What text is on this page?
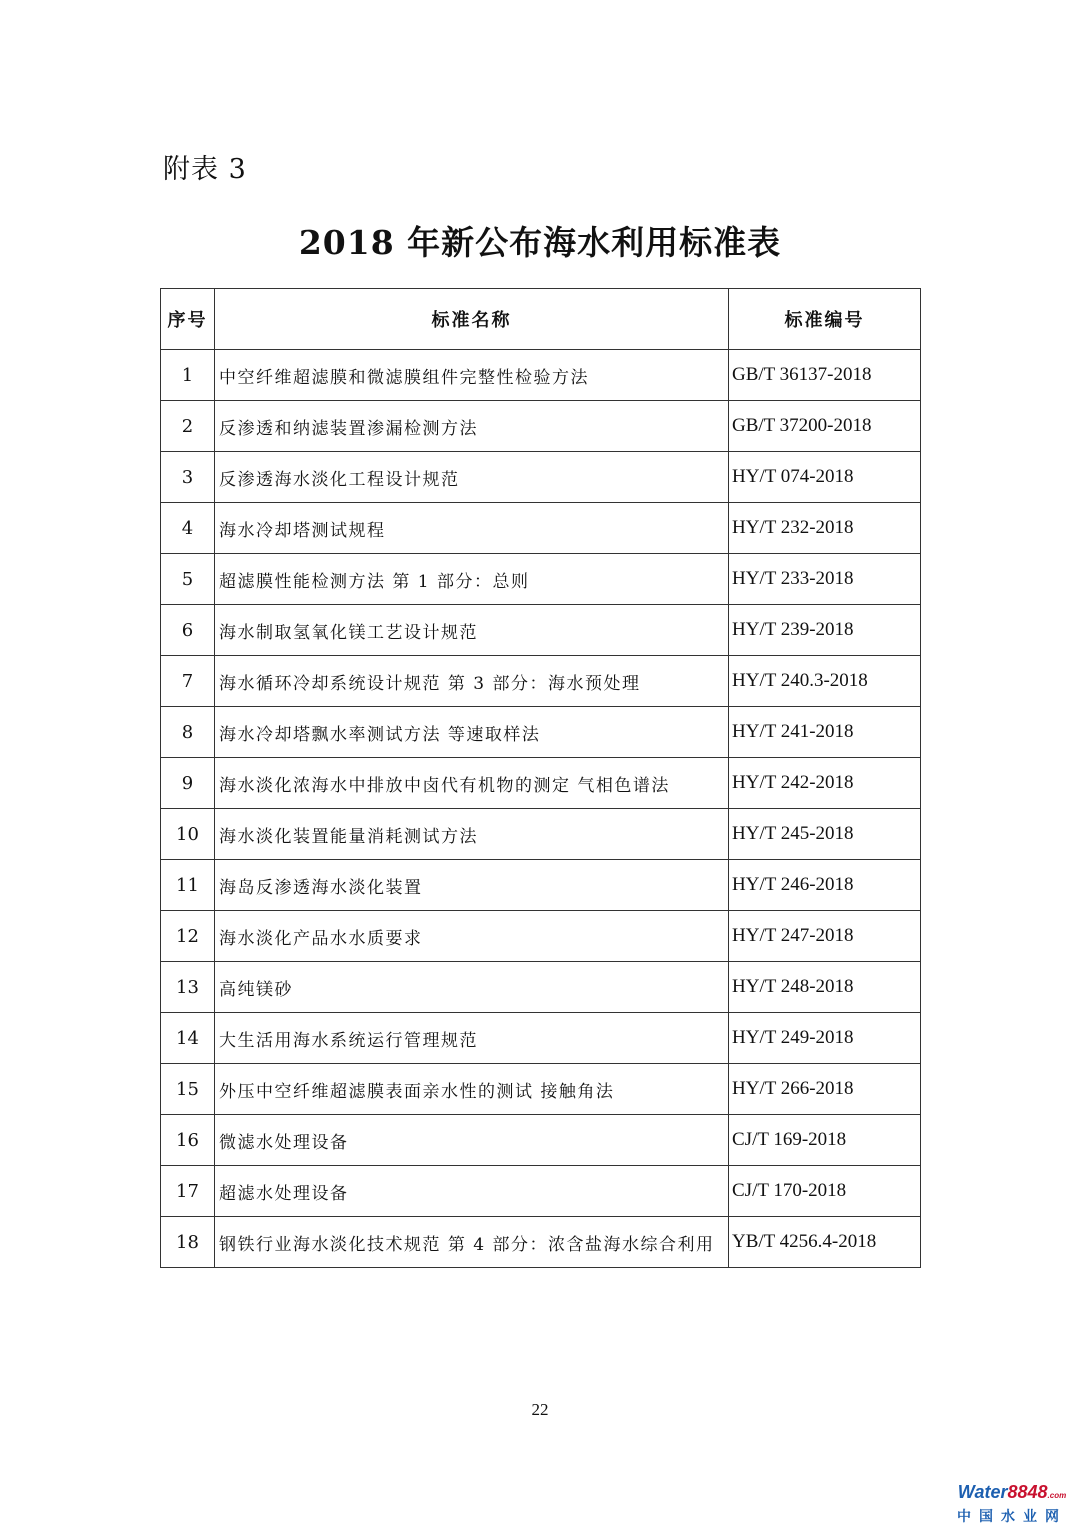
附表 3
2018 年新公布海水利用标准表
序号	标准名称	标准编号
1	中空纤维超滤膜和微滤膜组件完整性检验方法	GB/T 36137-2018
2	反渗透和纳滤装置渗漏检测方法	GB/T 37200-2018
3	反渗透海水淡化工程设计规范	HY/T 074-2018
4	海水冷却塔测试规程	HY/T 232-2018
5	超滤膜性能检测方法 第 1 部分：总则	HY/T 233-2018
6	海水制取氢氧化镁工艺设计规范	HY/T 239-2018
7	海水循环冷却系统设计规范 第 3 部分：海水预处理	HY/T 240.3-2018
8	海水冷却塔飘水率测试方法 等速取样法	HY/T 241-2018
9	海水淡化浓海水中排放中卤代有机物的测定 气相色谱法	HY/T 242-2018
10	海水淡化装置能量消耗测试方法	HY/T 245-2018
11	海岛反渗透海水淡化装置	HY/T 246-2018
12	海水淡化产品水水质要求	HY/T 247-2018
13	高纯镁砂	HY/T 248-2018
14	大生活用海水系统运行管理规范	HY/T 249-2018
15	外压中空纤维超滤膜表面亲水性的测试 接触角法	HY/T 266-2018
16	微滤水处理设备	CJ/T 169-2018
17	超滤水处理设备	CJ/T 170-2018
18	钢铁行业海水淡化技术规范 第 4 部分：浓含盐海水综合利用	YB/T 4256.4-2018
22
Water8848.com
中国水业网
